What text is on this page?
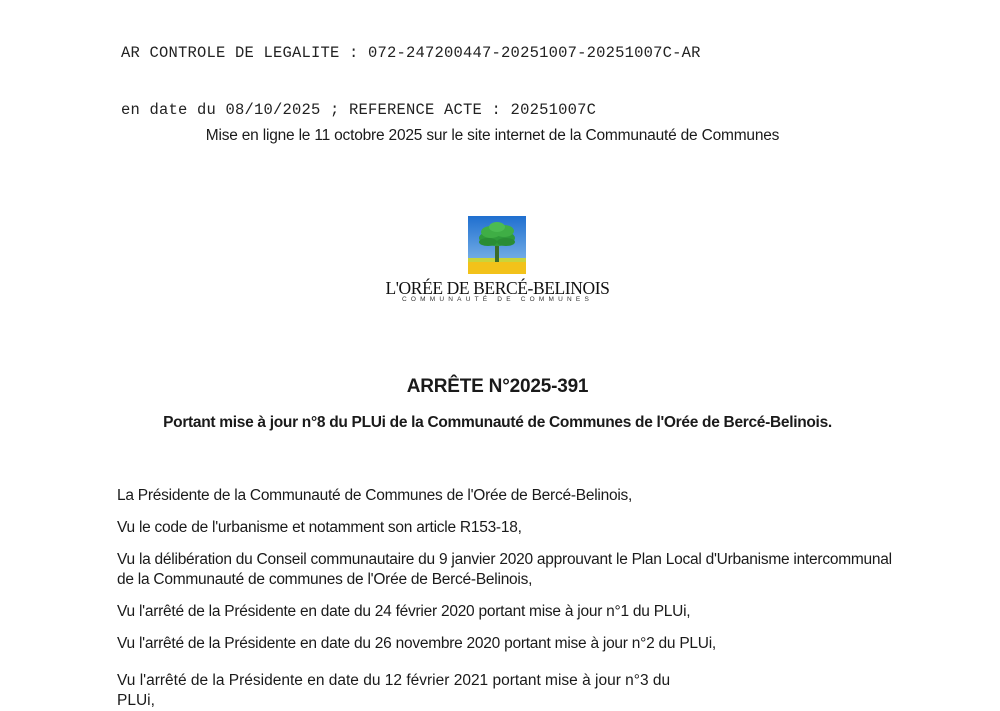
AR CONTROLE DE LEGALITE : 072-247200447-20251007-20251007C-AR

en date du 08/10/2025 ; REFERENCE ACTE : 20251007C

Mise en ligne le 11 octobre 2025 sur le site internet de la Communauté de Communes
L'ORÉE DE BERCÉ-BELINOIS
COMMUNAUTÉ DE COMMUNES
ARRÊTE N°2025-391
Portant mise à jour n°8 du PLUi de la Communauté de Communes de l'Orée de Bercé-Belinois.

La Présidente de la Communauté de Communes de l'Orée de Bercé-Belinois,

Vu le code de l'urbanisme et notamment son article R153-18,

Vu la délibération du Conseil communautaire du 9 janvier 2020 approuvant le Plan Local d'Urbanisme intercommunal de la Communauté de communes de l'Orée de Bercé-Belinois,

Vu l'arrêté de la Présidente en date du 24 février 2020 portant mise à jour n°1 du PLUi,

Vu l'arrêté de la Présidente en date du 26 novembre 2020 portant mise à jour n°2 du PLUi,

Vu l'arrêté de la Présidente en date du 12 février 2021 portant mise à jour n°3 du PLUi,
